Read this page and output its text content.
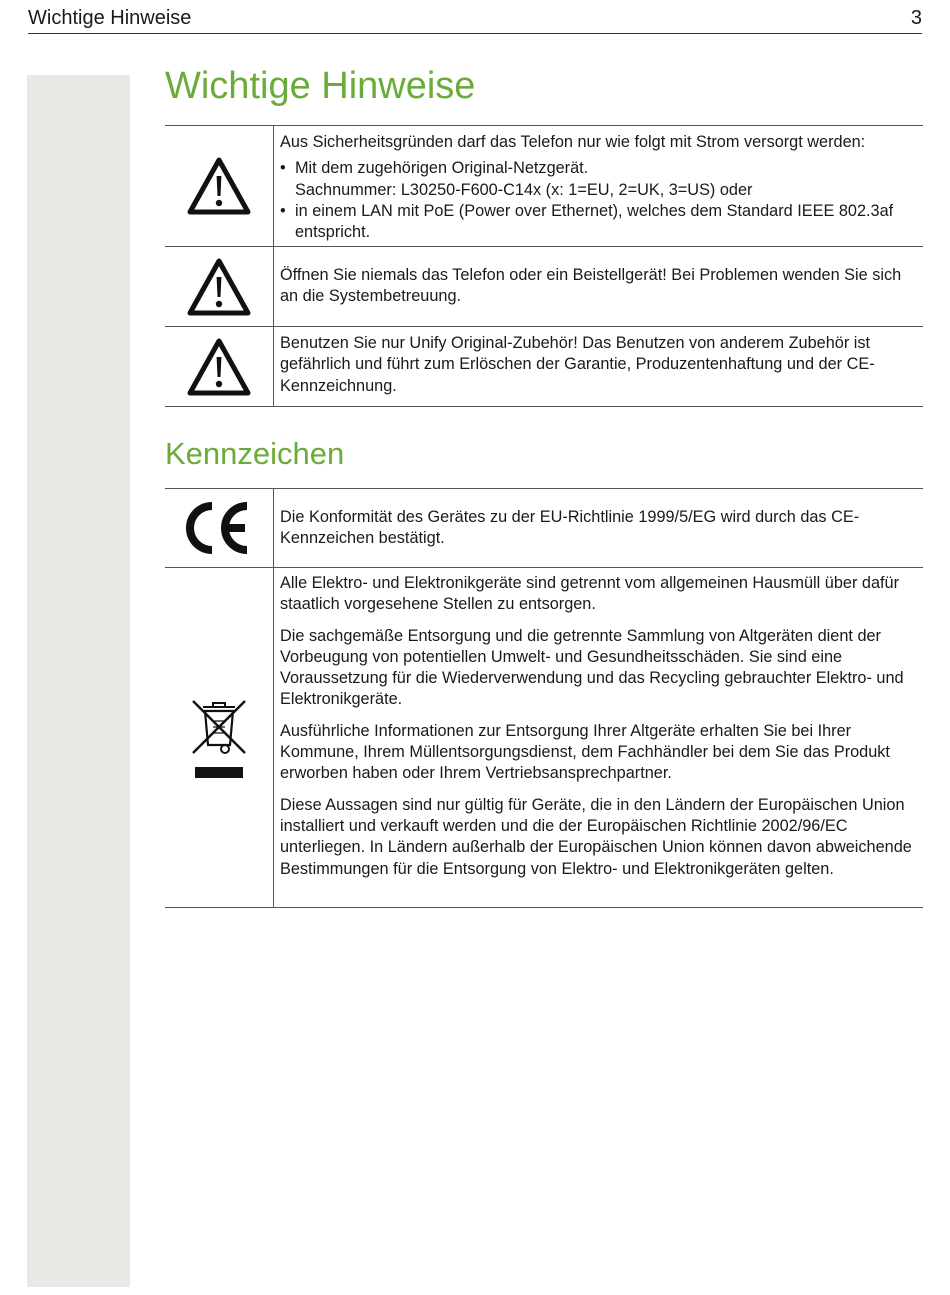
Wichtige Hinweise	3
Wichtige Hinweise

Aus Sicherheitsgründen darf das Telefon nur wie folgt mit Strom versorgt werden:

• Mit dem zugehörigen Original-Netzgerät.
Sachnummer: L30250-F600-C14x (x: 1=EU, 2=UK, 3=US) oder
• in einem LAN mit PoE (Power over Ethernet), welches dem Standard IEEE 802.3af entspricht.

Öffnen Sie niemals das Telefon oder ein Beistellgerät! Bei Problemen wenden Sie sich an die Systembetreuung.

Benutzen Sie nur Unify Original-Zubehör! Das Benutzen von anderem Zubehör ist gefährlich und führt zum Erlöschen der Garantie, Produzentenhaftung und der CE-Kennzeichnung.

Kennzeichen

Die Konformität des Gerätes zu der EU-Richtlinie 1999/5/EG wird durch das CE-Kennzeichen bestätigt.

Alle Elektro- und Elektronikgeräte sind getrennt vom allgemeinen Hausmüll über dafür staatlich vorgesehene Stellen zu entsorgen.

Die sachgemäße Entsorgung und die getrennte Sammlung von Altgeräten dient der Vorbeugung von potentiellen Umwelt- und Gesundheitsschäden. Sie sind eine Voraussetzung für die Wiederverwendung und das Recycling gebrauchter Elektro- und Elektronikgeräte.

Ausführliche Informationen zur Entsorgung Ihrer Altgeräte erhalten Sie bei Ihrer Kommune, Ihrem Müllentsorgungsdienst, dem Fachhändler bei dem Sie das Produkt erworben haben oder Ihrem Vertriebsansprechpartner.

Diese Aussagen sind nur gültig für Geräte, die in den Ländern der Europäischen Union installiert und verkauft werden und die der Europäischen Richtlinie 2002/96/EC unterliegen. In Ländern außerhalb der Europäischen Union können davon abweichende Bestimmungen für die Entsorgung von Elektro- und Elektronikgeräten gelten.
